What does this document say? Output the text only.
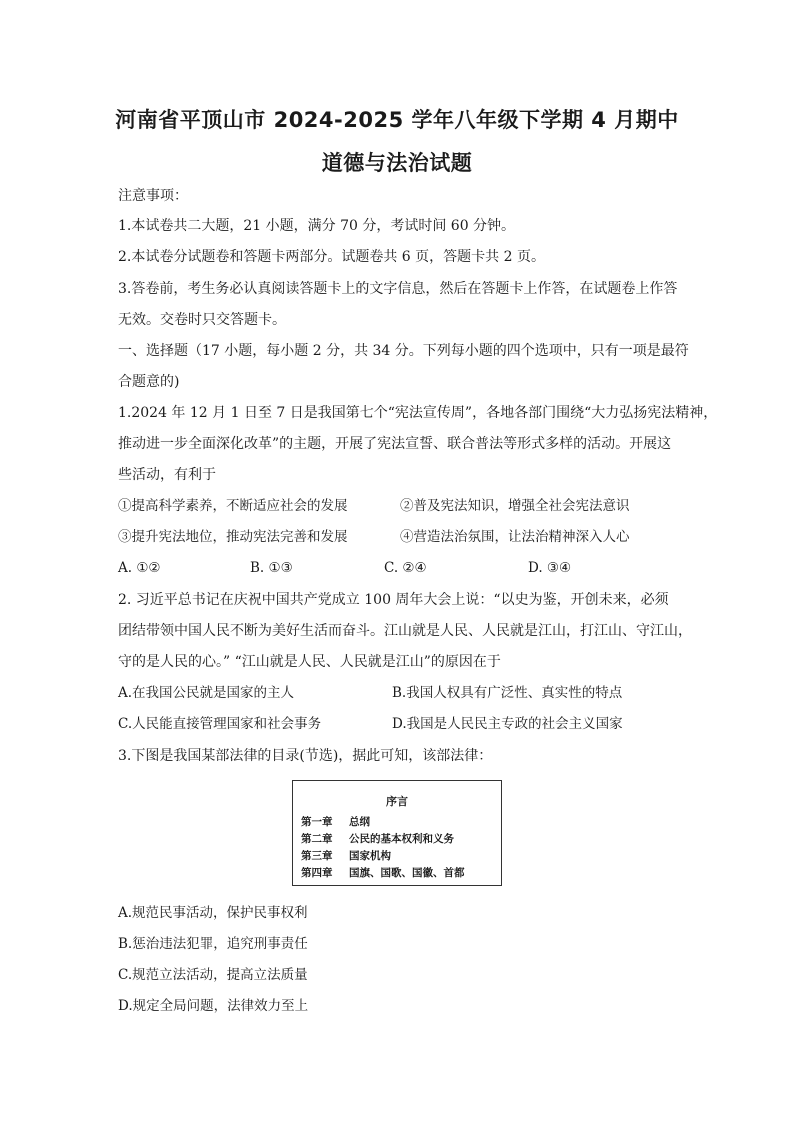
河南省平顶山市 2024-2025 学年八年级下学期 4 月期中
道德与法治试题
注意事项：
1.本试卷共二大题，21 小题，满分 70 分，考试时间 60 分钟。
2.本试卷分试题卷和答题卡两部分。试题卷共 6 页，答题卡共 2 页。
3.答卷前，考生务必认真阅读答题卡上的文字信息，然后在答题卡上作答，在试题卷上作答
无效。交卷时只交答题卡。
一、选择题（17 小题，每小题 2 分，共 34 分。下列每小题的四个选项中，只有一项是最符
合题意的)
1.2024 年 12 月 1 日至 7 日是我国第七个“宪法宣传周”，各地各部门围绕“大力弘扬宪法精神，
推动进一步全面深化改革”的主题，开展了宪法宣誓、联合普法等形式多样的活动。开展这
些活动，有利于
①提高科学素养，不断适应社会的发展	②普及宪法知识，增强全社会宪法意识
③提升宪法地位，推动宪法完善和发展	④营造法治氛围，让法治精神深入人心
A. ①②	B. ①③	C. ②④	D. ③④
2. 习近平总书记在庆祝中国共产党成立 100 周年大会上说：“以史为鉴，开创未来，必须
团结带领中国人民不断为美好生活而奋斗。江山就是人民、人民就是江山，打江山、守江山，
守的是人民的心。” “江山就是人民、人民就是江山”的原因在于
A.在我国公民就是国家的主人	B.我国人权具有广泛性、真实性的特点
C.人民能直接管理国家和社会事务	D.我国是人民民主专政的社会主义国家
3.下图是我国某部法律的目录(节选)，据此可知，该部法律：
序言
第一章 总纲
第二章 公民的基本权利和义务
第三章 国家机构
第四章 国旗、国歌、国徽、首都
A.规范民事活动，保护民事权利
B.惩治违法犯罪，追究刑事责任
C.规范立法活动，提高立法质量
D.规定全局问题，法律效力至上
